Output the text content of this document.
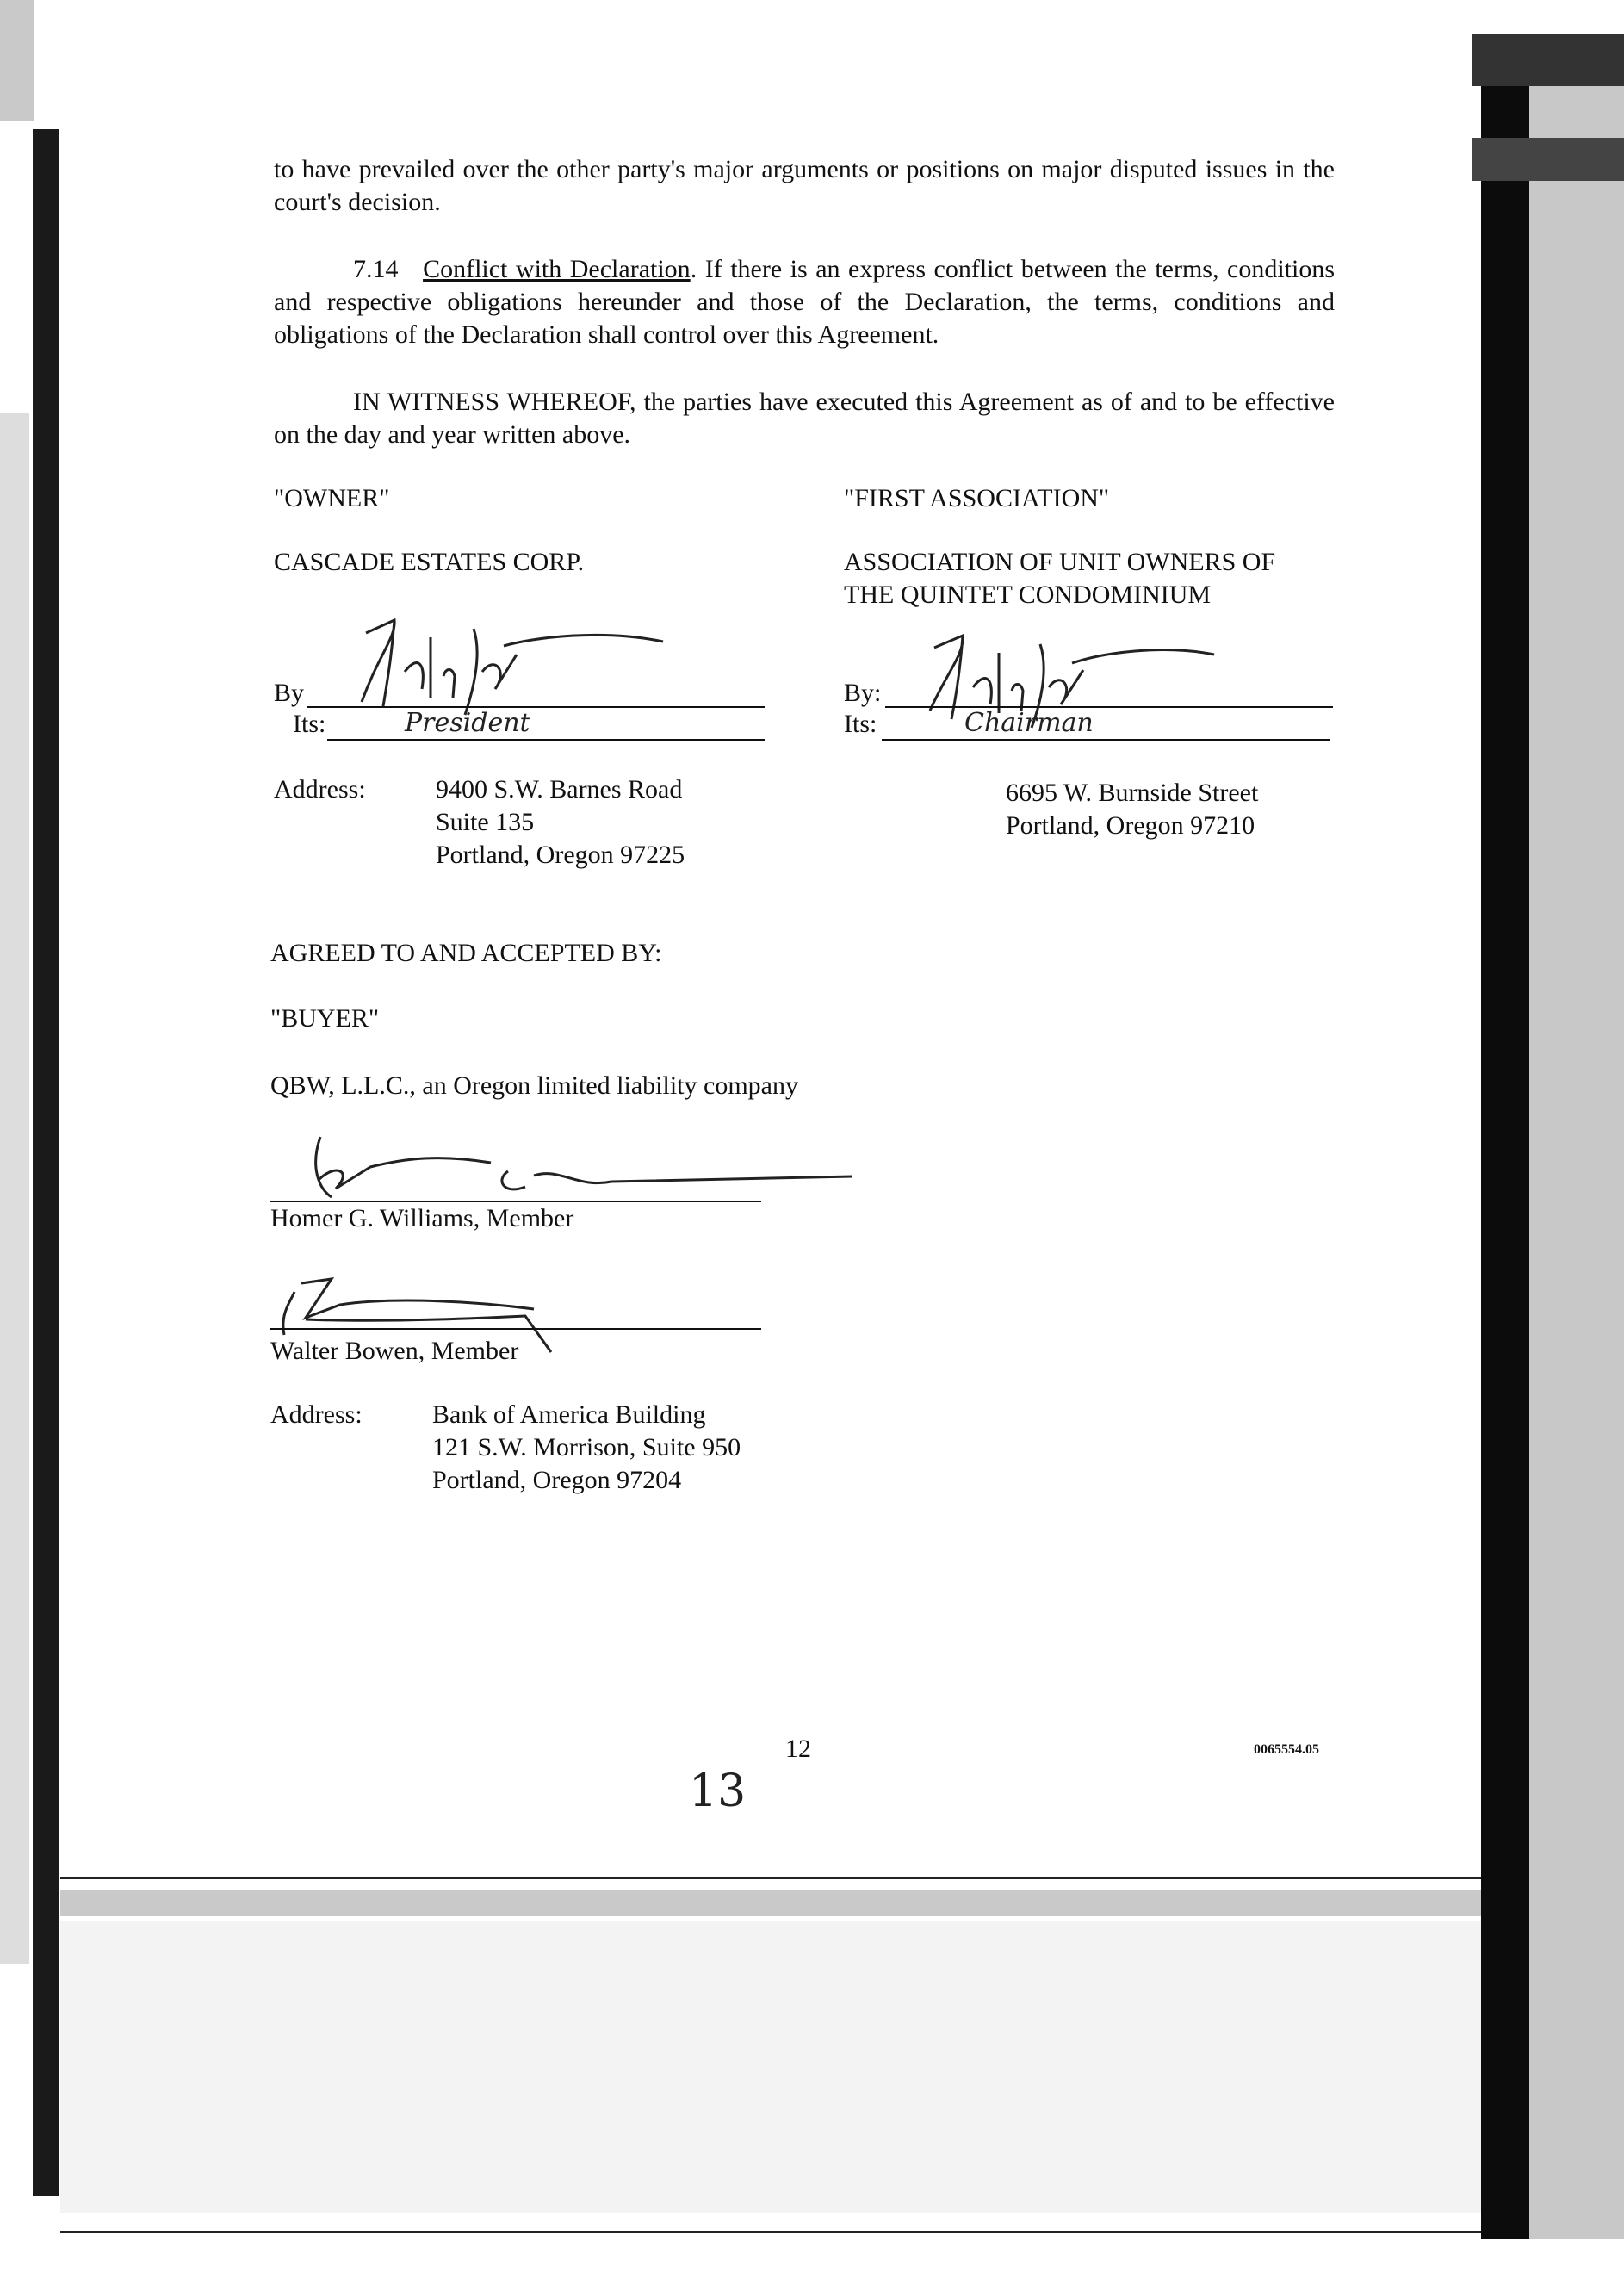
to have prevailed over the other party's major arguments or positions on major disputed issues in the court's decision.
7.14 Conflict with Declaration. If there is an express conflict between the terms, conditions and respective obligations hereunder and those of the Declaration, the terms, conditions and obligations of the Declaration shall control over this Agreement.
IN WITNESS WHEREOF, the parties have executed this Agreement as of and to be effective on the day and year written above.
"OWNER"
CASCADE ESTATES CORP.
By
Its:	President
Address:	9400 S.W. Barnes Road
Suite 135
Portland, Oregon 97225
"FIRST ASSOCIATION"
ASSOCIATION OF UNIT OWNERS OF
THE QUINTET CONDOMINIUM
By:
Its:	Chairman
6695 W. Burnside Street
Portland, Oregon 97210
AGREED TO AND ACCEPTED BY:
"BUYER"
QBW, L.L.C., an Oregon limited liability company
Homer G. Williams, Member
Walter Bowen, Member
Address:	Bank of America Building
121 S.W. Morrison, Suite 950
Portland, Oregon 97204
12
13
0065554.05
